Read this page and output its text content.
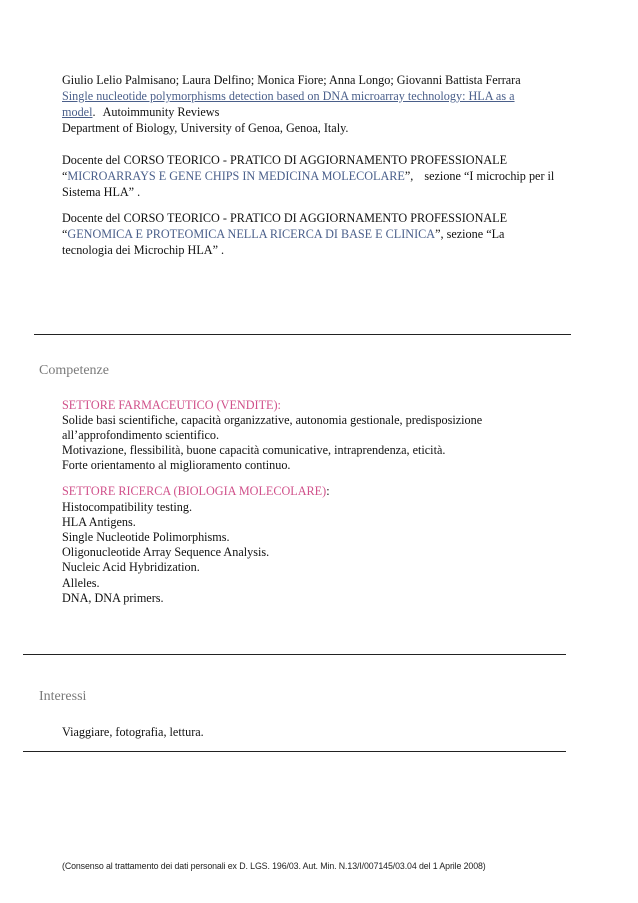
Giulio Lelio Palmisano; Laura Delfino; Monica Fiore; Anna Longo; Giovanni Battista Ferrara
Single nucleotide polymorphisms detection based on DNA microarray technology: HLA as a
model. Autoimmunity Reviews
Department of Biology, University of Genoa, Genoa, Italy.
Docente del CORSO TEORICO - PRATICO DI AGGIORNAMENTO PROFESSIONALE
“MICROARRAYS E GENE CHIPS IN MEDICINA MOLECOLARE”, sezione “I microchip per il
Sistema HLA” .
Docente del CORSO TEORICO - PRATICO DI AGGIORNAMENTO PROFESSIONALE
“GENOMICA E PROTEOMICA NELLA RICERCA DI BASE E CLINICA”, sezione “La
tecnologia dei Microchip HLA” .
Competenze
SETTORE FARMACEUTICO (VENDITE):
Solide basi scientifiche, capacità organizzative, autonomia gestionale, predisposizione
all’approfondimento scientifico.
Motivazione, flessibilità, buone capacità comunicative, intraprendenza, eticità.
Forte orientamento al miglioramento continuo.
SETTORE RICERCA (BIOLOGIA MOLECOLARE):
Histocompatibility testing.
HLA Antigens.
Single Nucleotide Polimorphisms.
Oligonucleotide Array Sequence Analysis.
Nucleic Acid Hybridization.
Alleles.
DNA, DNA primers.
Interessi
Viaggiare, fotografia, lettura.
(Consenso al trattamento dei dati personali ex D. LGS. 196/03. Aut. Min. N.13/I/007145/03.04 del 1 Aprile 2008)
